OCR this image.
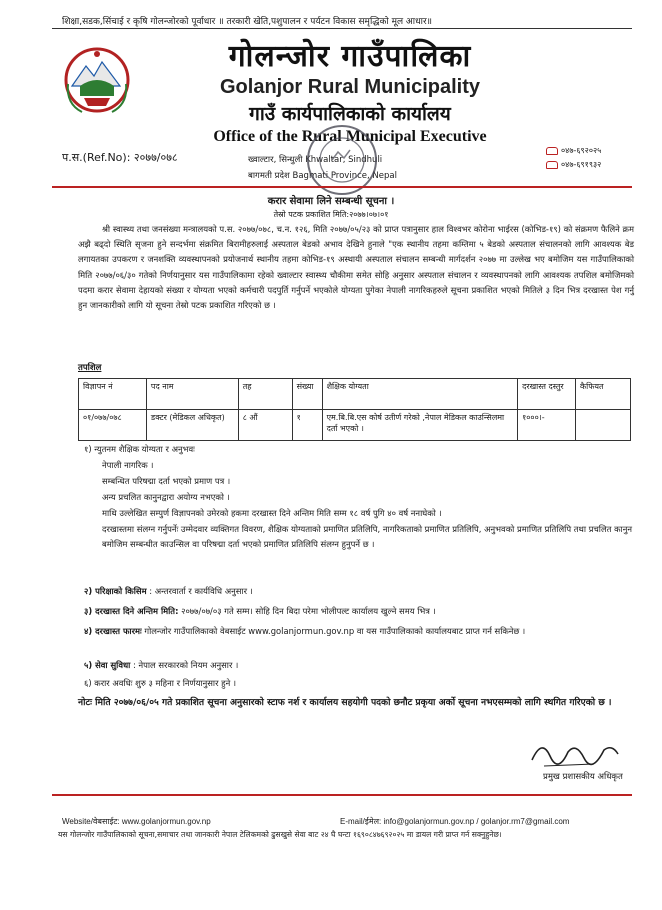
शिक्षा,सडक,सिंचाई र कृषि गोलन्जोरको पूर्वाधार ॥ तरकारी खेति,पशुपालन र पर्यटन विकास समृद्धिको मूल आधार॥
गोलन्जोर गाउँपालिका
Golanjor Rural Municipality
गाउँ कार्यपालिकाको कार्यालय
Office of the Rural Municipal Executive
प.स.(Ref.No): २०७७/०७८	ख्वाल्टार, सिन्धुली Khwaltar, Sindhuli
बागमती प्रदेश Bagmati Province, Nepal
०४७-६९२०२५
०४७-६९१९३२
करार सेवामा लिने सम्बन्धी सूचना ।
तेस्रो पटक प्रकाशित मिति:२०७७।०७।०१
श्री स्वास्थ्य तथा जनसंख्या मन्त्रालयको प.स. २०७७/०७८, च.न. १२६, मिति २०७७/०५/२३ को प्राप्त पत्रानुसार हाल विश्वभर कोरोना भाईरस (कोभिड-१९) को संक्रमण फैलिने क्रम अझै बढ्दो स्थिति सृजना हुने सन्दर्भमा संक्रमित बिरामीहरुलाई अस्पताल बेडको अभाव देखिने हुनाले "एक स्थानीय तहमा कम्तिमा ५ बेडको अस्पताल संचालनको लागि आवश्यक बेड लगायतका उपकरण र जनशक्ति व्यवस्थापनको प्रयोजनार्थ स्थानीय तहमा कोभिड-१९ अस्थायी अस्पताल संचालन सम्बन्धी मार्गदर्शन २०७७ मा उल्लेख भए बमोजिम यस गाउँपालिकाको मिति २०७७/०६/३० गतेको निर्णयानुसार यस गाउँपालिकामा रहेको ख्वाल्टार स्वास्थ्य चौकीमा समेत सोहि अनुसार अस्पताल संचालन र व्यवस्थापनको लागि आवश्यक तपशिल बमोजिमको पदमा करार सेवामा देहायको संख्या र योग्यता भएको कर्मचारी पदपुर्ति गर्नुपर्ने भएकोले योग्यता पुगेका नेपाली नागरिकहरुले सूचना प्रकाशित भएको मितिले ३ दिन भित्र दरखास्त पेश गर्नु हुन जानकारीको लागि यो सूचना तेस्रो पटक प्रकाशित गरिएको छ ।
तपशिल
विज्ञापन नं	पद नाम	तह	संख्या	शैक्षिक योग्यता	दरखास्त दस्तुर	कैफियत
०१/०७७/०७८	डक्टर (मेडिकल अधिकृत)	८ औं	१	एम.बि.बि.एस कोर्ष उतीर्ण गरेको ,नेपाल मेडिकल काउन्सिलमा दर्ता भएको ।	१०००।-	
१) न्युतनम शैक्षिक योग्यता र अनुभवः
नेपाली नागरिक ।
सम्बन्धित परिषद्मा दर्ता भएको प्रमाण पत्र ।
अन्य प्रचलित कानुनद्वारा अयोग्य नभएको ।
माथि उल्लेखित सम्पुर्ण विज्ञापनको उमेरको हकमा दरखास्त दिने अन्तिम मिति सम्म १८ वर्ष पुगि ४० वर्ष ननाघेको ।
दरखास्तमा संलग्न गर्नुपर्नेः उम्मेदवार व्यक्तिगत विवरण, शैक्षिक योग्यताको प्रमाणित प्रतिलिपि, नागरिकताको प्रमाणित प्रतिलिपि, अनुभवको प्रमाणित प्रतिलिपि तथा प्रचलित कानुन बमोजिम सम्बन्धीत काउन्सिल वा परिषद्मा दर्ता भएको प्रमाणित प्रतिलिपि संलग्न हुनुपर्ने छ ।
२) परिक्षाको किसिम : अन्तरवार्ता र कार्यविधि अनुसार ।
३) दरखास्त दिने अन्तिम मिति: २०७७/०७/०३ गते सम्म। सोहि दिन बिदा परेमा भोलीपल्ट कार्यालय खुल्ने समय भित्र ।
४) दरखास्त फारमः गोलन्जोर गाउँपालिकाको वेबसाईट www.golanjormun.gov.np वा यस गाउँपालिकाको कार्यालयबाट प्राप्त गर्न सकिनेछ ।
५) सेवा सुविधा : नेपाल सरकारको नियम अनुसार ।
६) करार अवधिः शुरु ३ महिना र निर्णयानुसार हुने ।
नोटः मिति २०७७/०६/०५ गते प्रकाशित सूचना अनुसारको स्टाफ नर्श र कार्यालय सहयोगी पदको छनौट प्रकृया अर्को सूचना नभएसम्मको लागि स्थगित गरिएको छ ।
प्रमुख प्रशासकीय अधिकृत
Website/वेबसाईट: www.golanjormun.gov.np	E-mail/ईमेल: info@golanjormun.gov.np / golanjor.rm7@gmail.com
यस गोलन्जोर गाउँपालिकाको सूचना,समाचार तथा जानकारी नेपाल टेलिकमको ढुसखुसे सेवा बाट २४ घै घन्टा १६९०८४७६९२०२५ मा डायल गरी प्राप्त गर्न सक्नुहुनेछ।
